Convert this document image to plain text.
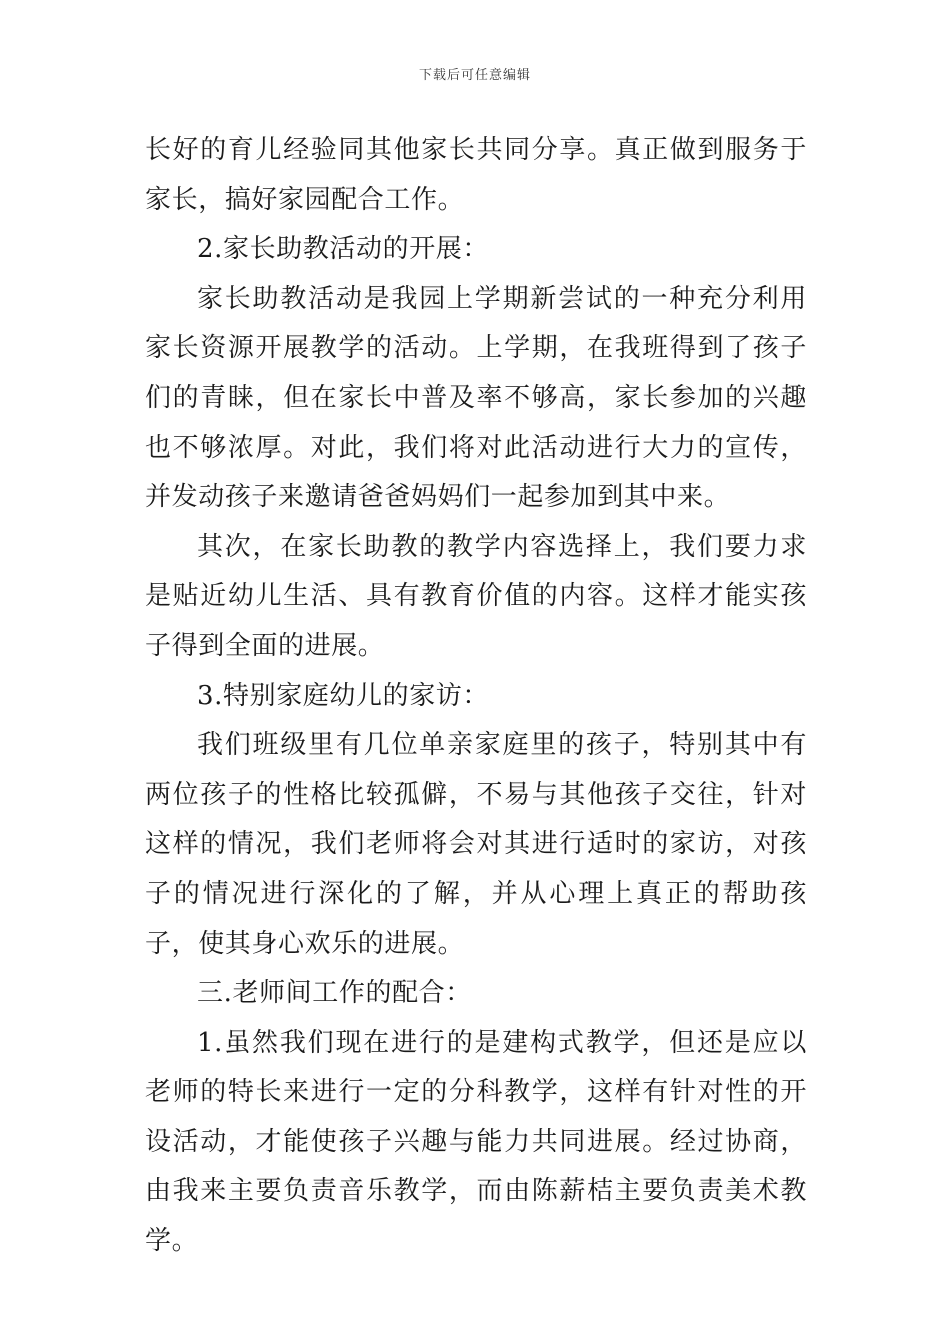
下载后可任意编辑

长好的育儿经验同其他家长共同分享。真正做到服务于家长，搞好家园配合工作。

2.家长助教活动的开展：

家长助教活动是我园上学期新尝试的一种充分利用家长资源开展教学的活动。上学期，在我班得到了孩子们的青睐，但在家长中普及率不够高，家长参加的兴趣也不够浓厚。对此，我们将对此活动进行大力的宣传，并发动孩子来邀请爸爸妈妈们一起参加到其中来。

其次，在家长助教的教学内容选择上，我们要力求是贴近幼儿生活、具有教育价值的内容。这样才能实孩子得到全面的进展。

3.特别家庭幼儿的家访：

我们班级里有几位单亲家庭里的孩子，特别其中有两位孩子的性格比较孤僻，不易与其他孩子交往，针对这样的情况，我们老师将会对其进行适时的家访，对孩子的情况进行深化的了解，并从心理上真正的帮助孩子，使其身心欢乐的进展。

三.老师间工作的配合：

1.虽然我们现在进行的是建构式教学，但还是应以老师的特长来进行一定的分科教学，这样有针对性的开设活动，才能使孩子兴趣与能力共同进展。经过协商，由我来主要负责音乐教学，而由陈薪桔主要负责美术教学。
